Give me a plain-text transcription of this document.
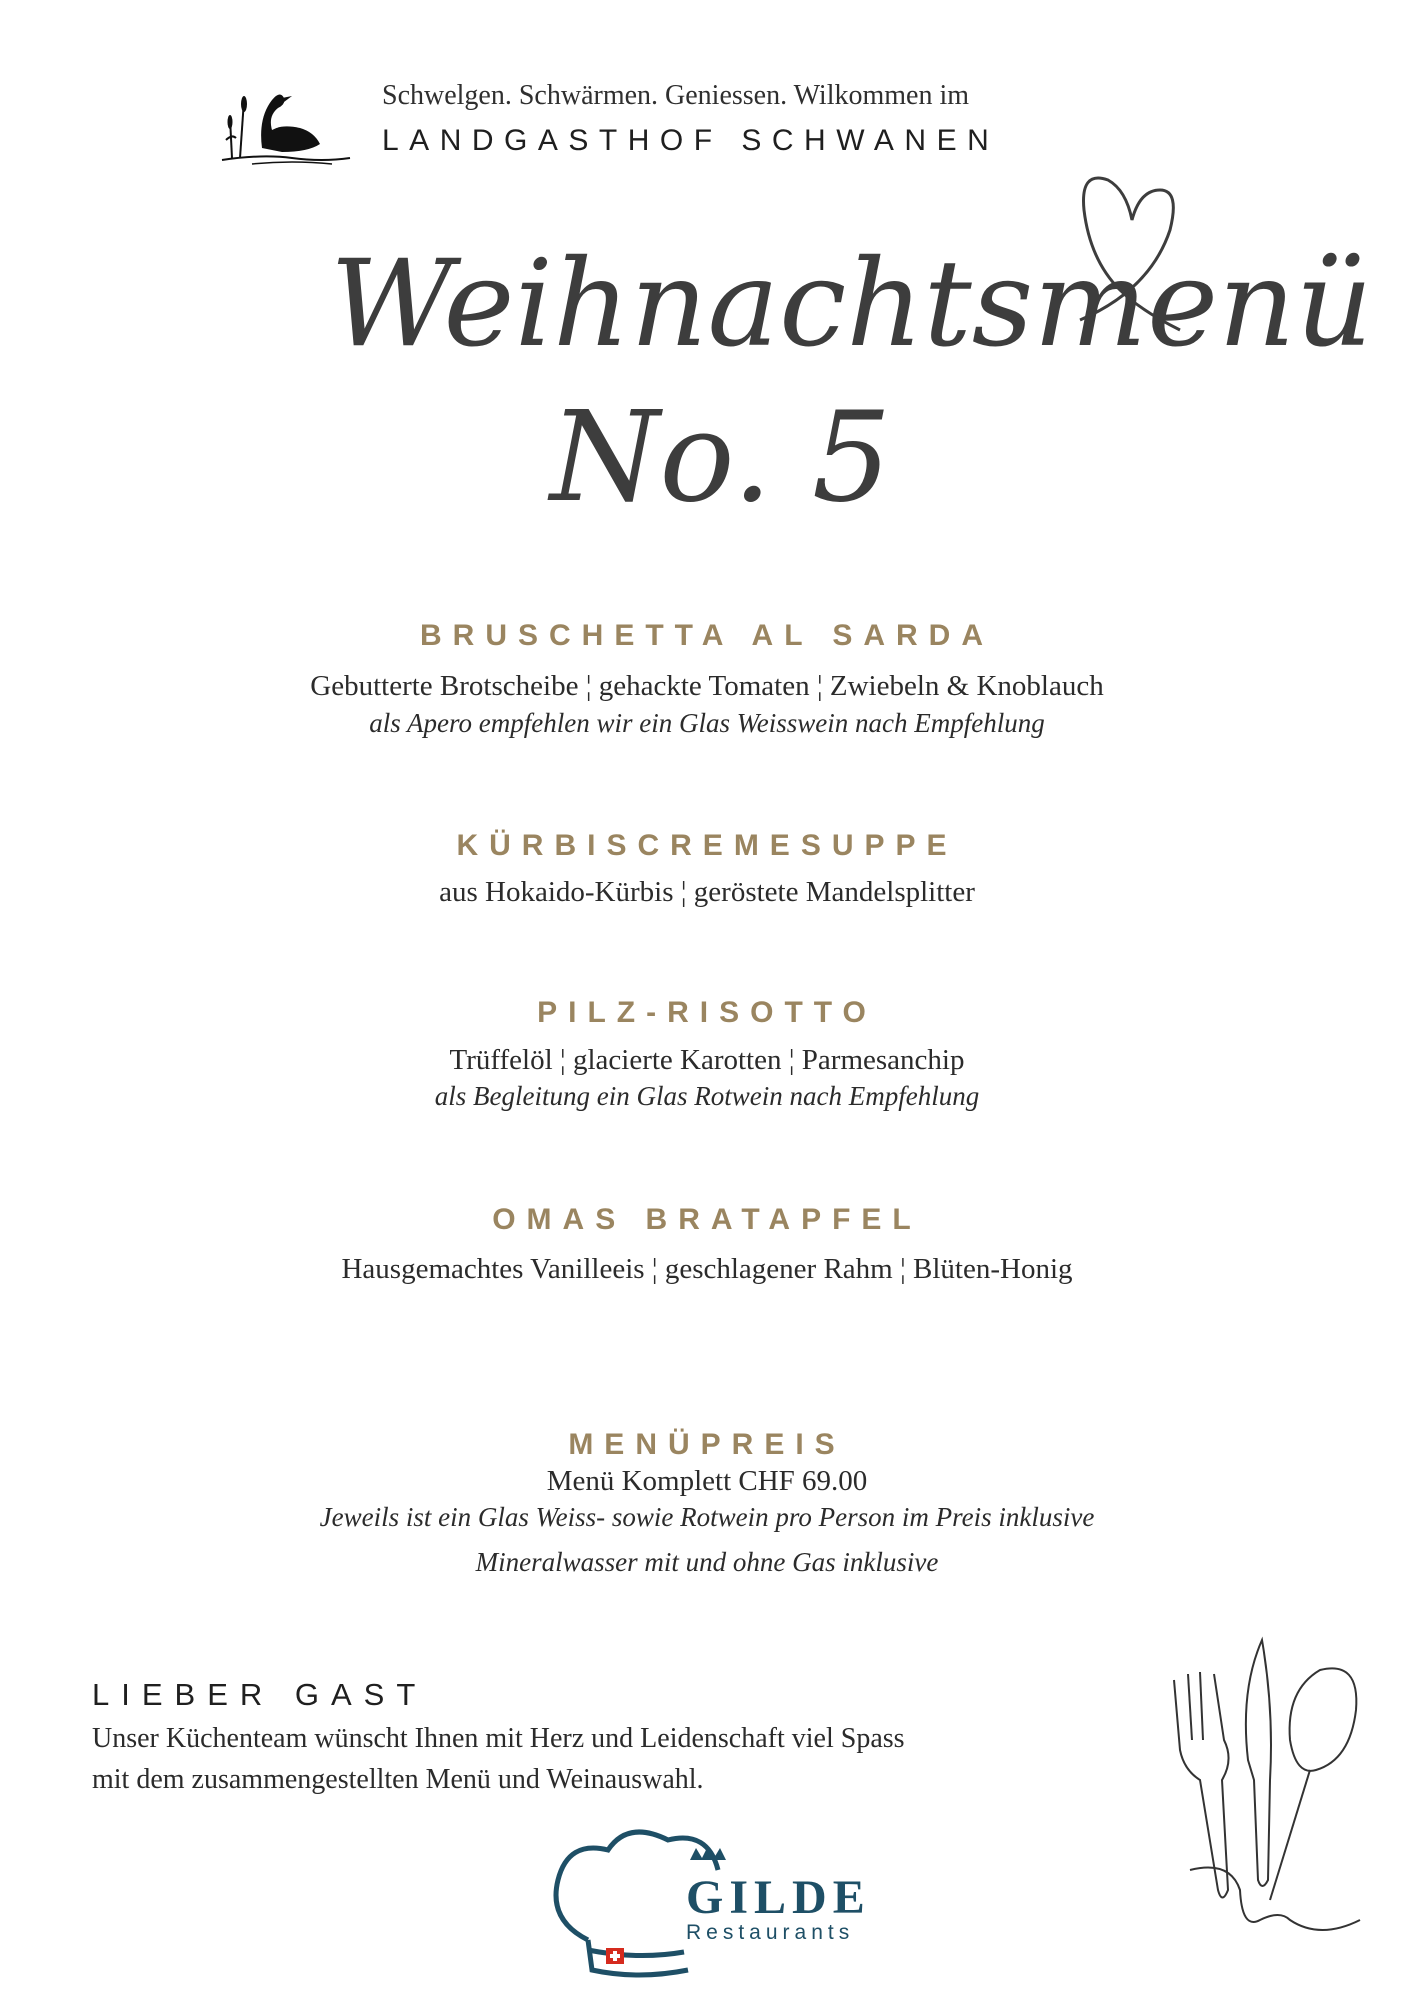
Schwelgen. Schwärmen. Geniessen. Wilkommen im
LANDGASTHOF SCHWANEN
Weihnachtsmenü
No. 5
BRUSCHETTA AL SARDA
Gebutterte Brotscheibe ¦ gehackte Tomaten ¦ Zwiebeln & Knoblauch
als Apero empfehlen wir ein Glas Weisswein nach Empfehlung
KÜRBISCREMESUPPE
aus Hokaido-Kürbis ¦ geröstete Mandelsplitter
PILZ-RISOTTO
Trüffelöl ¦ glacierte Karotten ¦ Parmesanchip
als Begleitung ein Glas Rotwein nach Empfehlung
OMAS BRATAPFEL
Hausgemachtes Vanilleeis ¦ geschlagener Rahm ¦ Blüten-Honig
MENÜPREIS
Menü Komplett CHF 69.00
Jeweils ist ein Glas Weiss- sowie Rotwein pro Person im Preis inklusive
Mineralwasser mit und ohne Gas inklusive
LIEBER GAST
Unser Küchenteam wünscht Ihnen mit Herz und Leidenschaft viel Spass
mit dem zusammengestellten Menü und Weinauswahl.
GILDE
Restaurants
